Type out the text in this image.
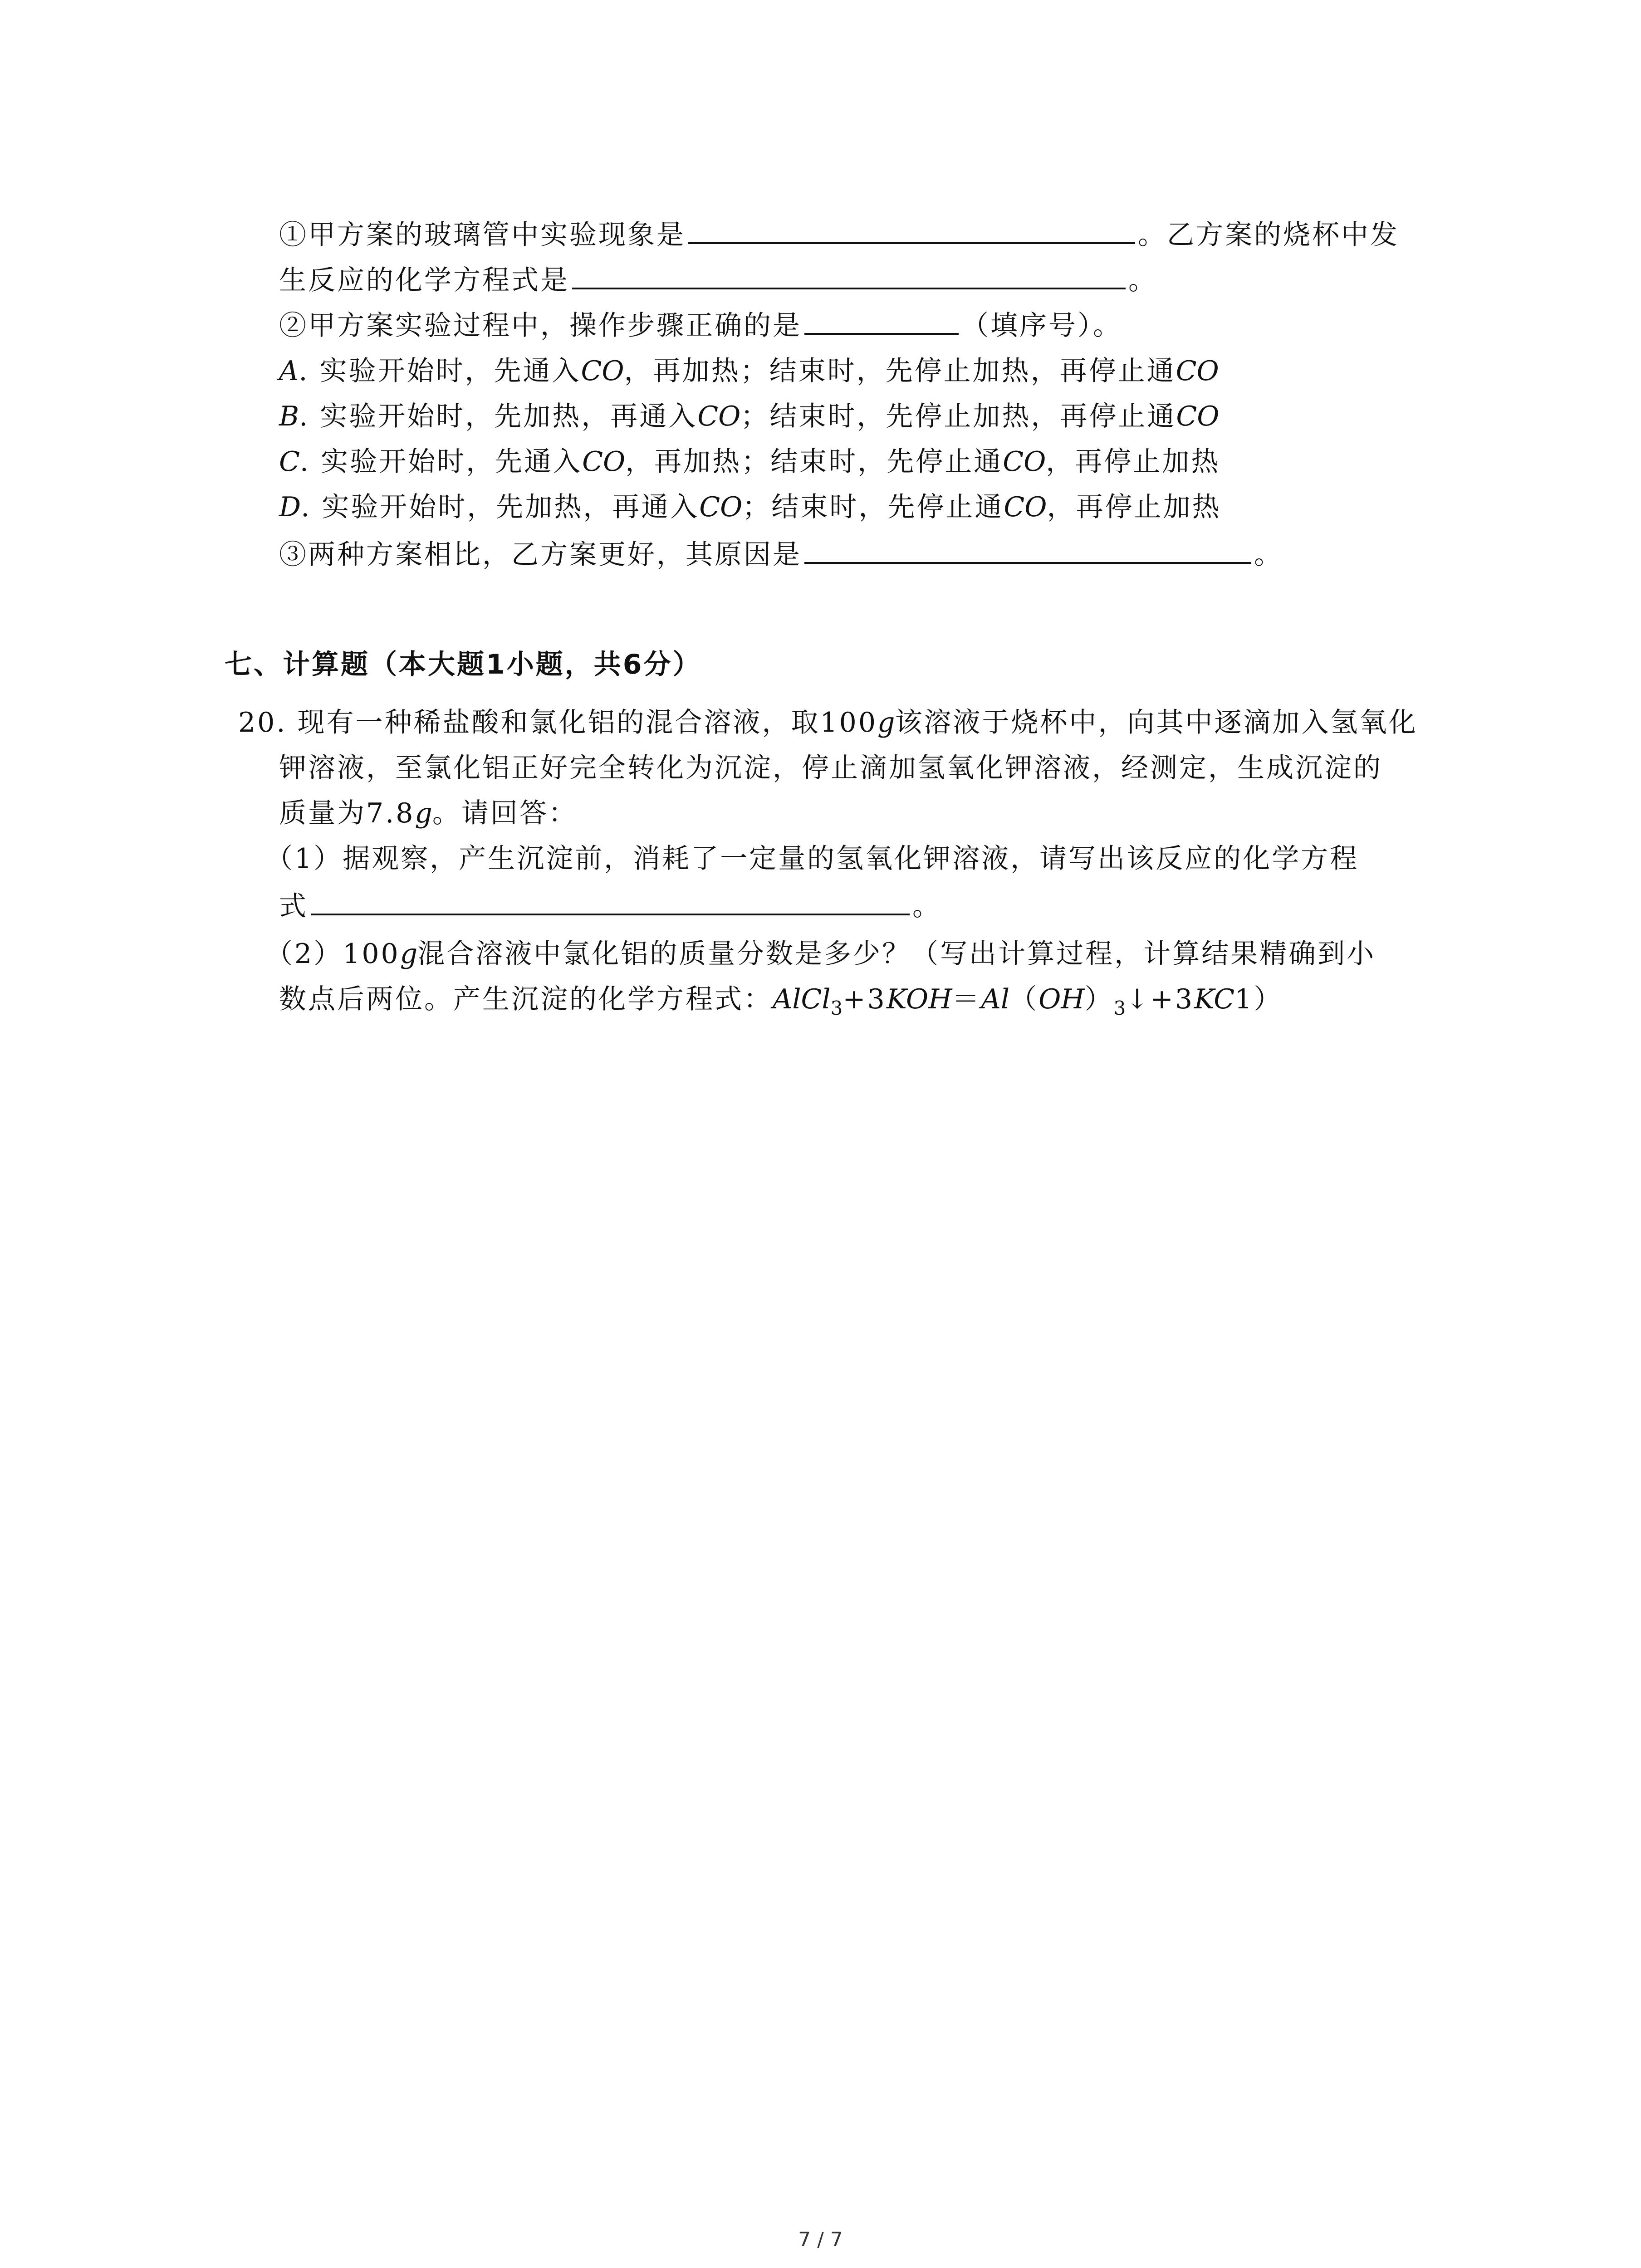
①甲方案的玻璃管中实验现象是	。乙方案的烧杯中发
生反应的化学方程式是	。
②甲方案实验过程中，操作步骤正确的是	（填序号）。
A. 实验开始时，先通入CO，再加热；结束时，先停止加热，再停止通CO
B. 实验开始时，先加热，再通入CO；结束时，先停止加热，再停止通CO
C. 实验开始时，先通入CO，再加热；结束时，先停止通CO，再停止加热
D. 实验开始时，先加热，再通入CO；结束时，先停止通CO，再停止加热
③两种方案相比，乙方案更好，其原因是	。
七、计算题（本大题1小题，共6分）
20. 现有一种稀盐酸和氯化铝的混合溶液，取100g该溶液于烧杯中，向其中逐滴加入氢氧化
钾溶液，至氯化铝正好完全转化为沉淀，停止滴加氢氧化钾溶液，经测定，生成沉淀的
质量为7.8g。请回答：
（1）据观察，产生沉淀前，消耗了一定量的氢氧化钾溶液，请写出该反应的化学方程
式	。
（2）100g混合溶液中氯化铝的质量分数是多少？（写出计算过程，计算结果精确到小
数点后两位。产生沉淀的化学方程式：$AlCl_3+3KOH=Al(OH)_3↓+3KC1$）
7 / 7
